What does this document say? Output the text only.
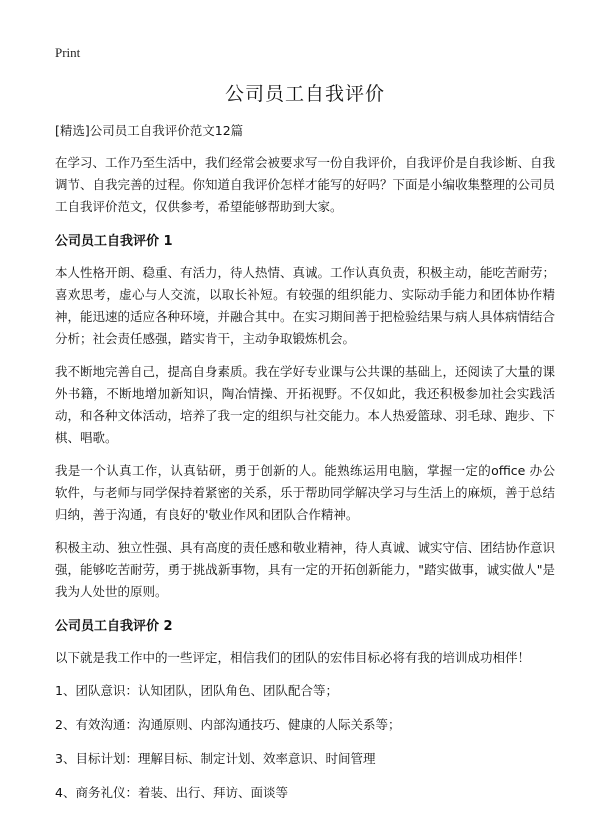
Print
公司员工自我评价
[精选]公司员工自我评价范文12篇

在学习、工作乃至生活中，我们经常会被要求写一份自我评价，自我评价是自我诊断、自我调节、自我完善的过程。你知道自我评价怎样才能写的好吗？下面是小编收集整理的公司员工自我评价范文，仅供参考，希望能够帮助到大家。

公司员工自我评价 1

本人性格开朗、稳重、有活力，待人热情、真诚。工作认真负责，积极主动，能吃苦耐劳；喜欢思考，虚心与人交流，以取长补短。有较强的组织能力、实际动手能力和团体协作精神，能迅速的适应各种环境，并融合其中。在实习期间善于把检验结果与病人具体病情结合分析；社会责任感强，踏实肯干，主动争取锻炼机会。

我不断地完善自己，提高自身素质。我在学好专业课与公共课的基础上，还阅读了大量的课外书籍，不断地增加新知识，陶冶情操、开拓视野。不仅如此，我还积极参加社会实践活动，和各种文体活动，培养了我一定的组织与社交能力。本人热爱篮球、羽毛球、跑步、下棋、唱歌。

我是一个认真工作，认真钻研，勇于创新的人。能熟练运用电脑，掌握一定的office 办公软件，与老师与同学保持着紧密的关系，乐于帮助同学解决学习与生活上的麻烦，善于总结归纳，善于沟通，有良好的'敬业作风和团队合作精神。

积极主动、独立性强、具有高度的责任感和敬业精神，待人真诚、诚实守信、团结协作意识强，能够吃苦耐劳，勇于挑战新事物，具有一定的开拓创新能力，"踏实做事，诚实做人"是我为人处世的原则。

公司员工自我评价 2

以下就是我工作中的一些评定，相信我们的团队的宏伟目标必将有我的培训成功相伴！

1、团队意识：认知团队，团队角色、团队配合等；
2、有效沟通：沟通原则、内部沟通技巧、健康的人际关系等；
3、目标计划：理解目标、制定计划、效率意识、时间管理
4、商务礼仪：着装、出行、拜访、面谈等
